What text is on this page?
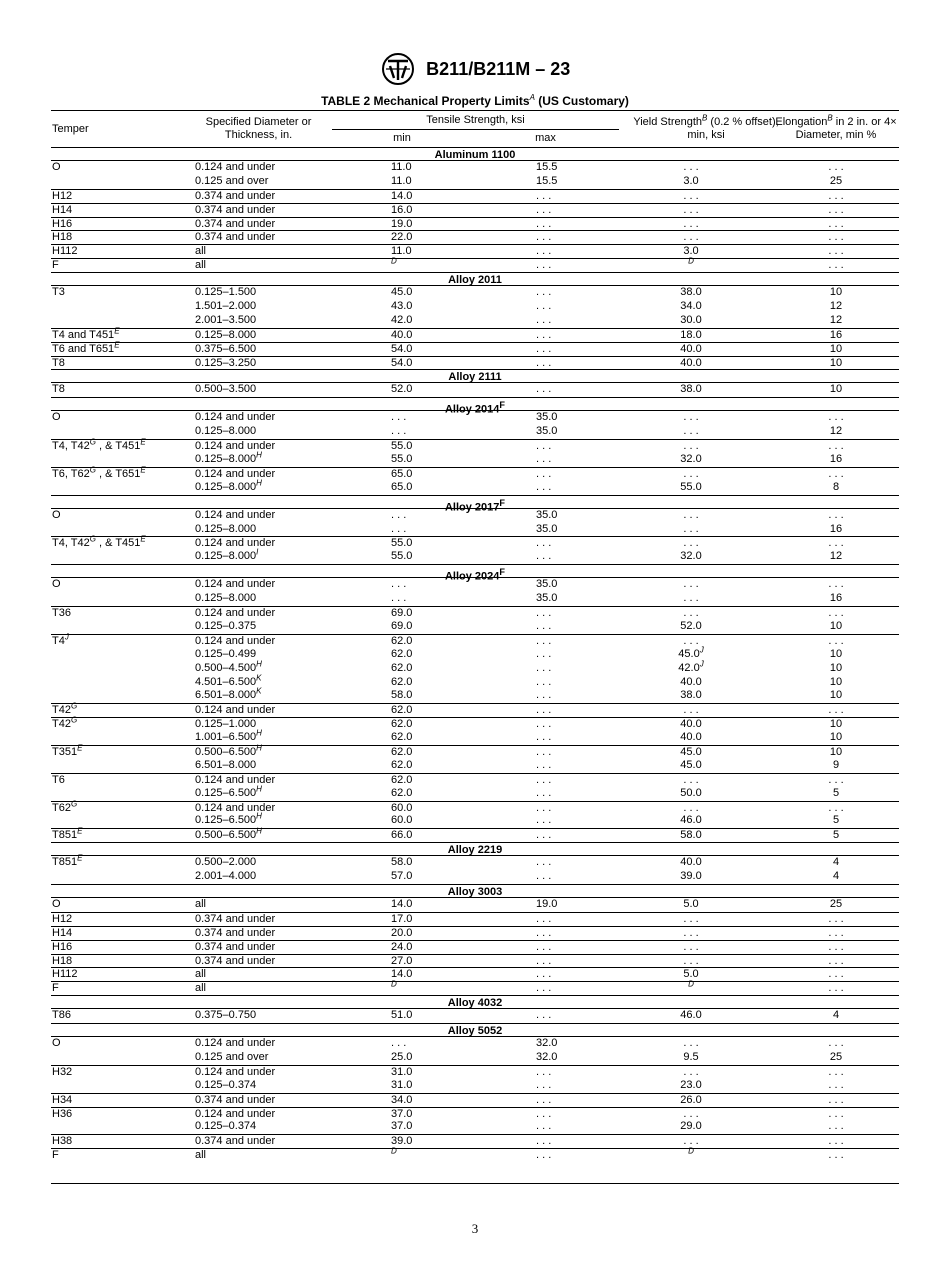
B211/B211M – 23
TABLE 2 Mechanical Property Limits$^A$ (US Customary)
Temper
Specified Diameter or Thickness, in.
Tensile Strength, ksi
min	max
Yield Strength$^B$ (0.2 % offset), min, ksi
Elongation$^B$ in 2 in. or 4× Diameter, min %
Aluminum 1100
O	0.124 and under	11.0	15.5	. . .	. . .
0.125 and over	11.0	15.5	3.0	25
H12	0.374 and under	14.0	. . .	. . .	. . .
H14	0.374 and under	16.0	. . .	. . .	. . .
H16	0.374 and under	19.0	. . .	. . .	. . .
H18	0.374 and under	22.0	. . .	. . .	. . .
H112	all	11.0	. . .	3.0	. . .
F	all	$^D$	. . .	$^D$	. . .
Alloy 2011
T3	0.125–1.500	45.0	. . .	38.0	10
1.501–2.000	43.0	. . .	34.0	12
2.001–3.500	42.0	. . .	30.0	12
T4 and $T451^E$	0.125–8.000	40.0	. . .	18.0	16
T6 and $T651^E$	0.375–6.500	54.0	. . .	40.0	10
T8	0.125–3.250	54.0	. . .	40.0	10
Alloy 2111
T8	0.500–3.500	52.0	. . .	38.0	10
Alloy $2014^F$
O	0.124 and under	. . .	35.0	. . .	. . .
0.125–8.000	. . .	35.0	. . .	12
T4, $T42^G$ , & $T451^E$	0.124 and under	55.0	. . .	. . .	. . .
$0.125-8.000^H$	55.0	. . .	32.0	16
T6, $T62^G$ , & $T651^E$	0.124 and under	65.0	. . .	. . .	. . .
$0.125-8.000^H$	65.0	. . .	55.0	8
Alloy $2017^F$
O	0.124 and under	. . .	35.0	. . .	. . .
0.125–8.000	. . .	35.0	. . .	16
T4, $T42^G$ , & $T451^E$	0.124 and under	55.0	. . .	. . .	. . .
$0.125-8.000^I$	55.0	. . .	32.0	12
Alloy $2024^F$
O	0.124 and under	. . .	35.0	. . .	. . .
0.125–8.000	. . .	35.0	. . .	16
T36	0.124 and under	69.0	. . .	. . .	. . .
0.125–0.375	69.0	. . .	52.0	10
$T4^J$	0.124 and under	62.0	. . .	. . .	. . .
0.125–0.499	62.0	. . .	$45.0^J$	10
$0.500-4.500^H$	62.0	. . .	$42.0^J$	10
$4.501-6.500^K$	62.0	. . .	40.0	10
$6.501-8.000^K$	58.0	. . .	38.0	10
$T42^G$	0.124 and under	62.0	. . .	. . .	. . .
$T42^G$	0.125–1.000	62.0	. . .	40.0	10
$1.001-6.500^H$	62.0	. . .	40.0	10
$T351^E$	$0.500-6.500^H$	62.0	. . .	45.0	10
6.501–8.000	62.0	. . .	45.0	9
T6	0.124 and under	62.0	. . .	. . .	. . .
$0.125-6.500^H$	62.0	. . .	50.0	5
$T62^G$	0.124 and under	60.0	. . .	. . .	. . .
$0.125-6.500^H$	60.0	. . .	46.0	5
$T851^E$	$0.500-6.500^H$	66.0	. . .	58.0	5
Alloy 2219
$T851^E$	0.500–2.000	58.0	. . .	40.0	4
2.001–4.000	57.0	. . .	39.0	4
Alloy 3003
O	all	14.0	19.0	5.0	25
H12	0.374 and under	17.0	. . .	. . .	. . .
H14	0.374 and under	20.0	. . .	. . .	. . .
H16	0.374 and under	24.0	. . .	. . .	. . .
H18	0.374 and under	27.0	. . .	. . .	. . .
H112	all	14.0	. . .	5.0	. . .
F	all	$^D$	. . .	$^D$	. . .
Alloy 4032
T86	0.375–0.750	51.0	. . .	46.0	4
Alloy 5052
O	0.124 and under	. . .	32.0	. . .	. . .
0.125 and over	25.0	32.0	9.5	25
H32	0.124 and under	31.0	. . .	. . .	. . .
0.125–0.374	31.0	. . .	23.0	. . .
H34	0.374 and under	34.0	. . .	26.0	. . .
H36	0.124 and under	37.0	. . .	. . .	. . .
0.125–0.374	37.0	. . .	29.0	. . .
H38	0.374 and under	39.0	. . .	. . .	. . .
F	all	$^D$	. . .	$^D$	. . .
3
